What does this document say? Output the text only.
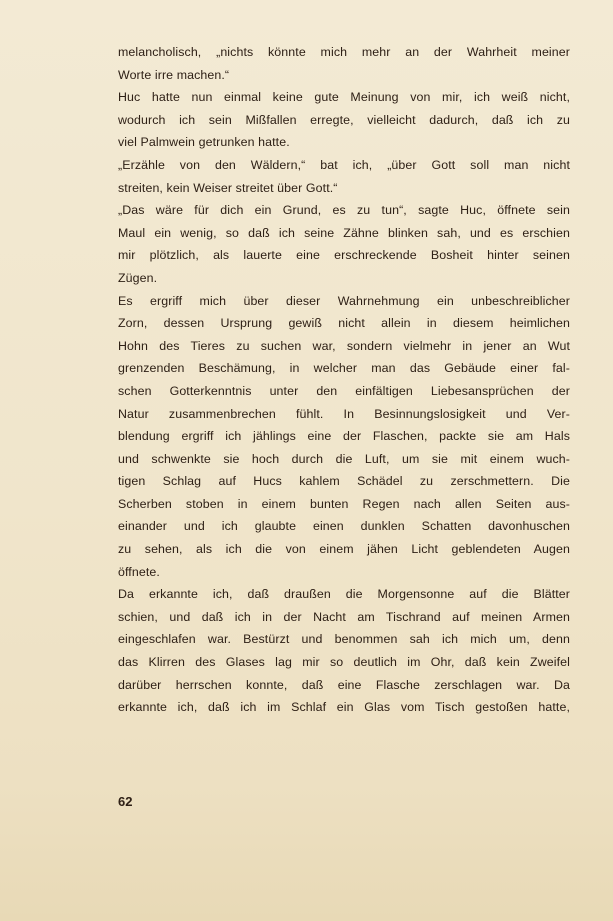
melancholisch, „nichts könnte mich mehr an der Wahrheit meiner
Worte irre machen.“
Huc hatte nun einmal keine gute Meinung von mir, ich weiß nicht,
wodurch ich sein Mißfallen erregte, vielleicht dadurch, daß ich zu
viel Palmwein getrunken hatte.
„Erzähle von den Wäldern,“ bat ich, „über Gott soll man nicht
streiten, kein Weiser streitet über Gott.“
„Das wäre für dich ein Grund, es zu tun“, sagte Huc, öffnete sein
Maul ein wenig, so daß ich seine Zähne blinken sah, und es erschien
mir plötzlich, als lauerte eine erschreckende Bosheit hinter seinen
Zügen.
Es ergriff mich über dieser Wahrnehmung ein unbeschreiblicher
Zorn, dessen Ursprung gewiß nicht allein in diesem heimlichen
Hohn des Tieres zu suchen war, sondern vielmehr in jener an Wut
grenzenden Beschämung, in welcher man das Gebäude einer fal-
schen Gotterkenntnis unter den einfältigen Liebesansprüchen der
Natur zusammenbrechen fühlt. In Besinnungslosigkeit und Ver-
blendung ergriff ich jählings eine der Flaschen, packte sie am Hals
und schwenkte sie hoch durch die Luft, um sie mit einem wuch-
tigen Schlag auf Hucs kahlem Schädel zu zerschmettern. Die
Scherben stoben in einem bunten Regen nach allen Seiten aus-
einander und ich glaubte einen dunklen Schatten davonhuschen
zu sehen, als ich die von einem jähen Licht geblendeten Augen
öffnete.
Da erkannte ich, daß draußen die Morgensonne auf die Blätter
schien, und daß ich in der Nacht am Tischrand auf meinen Armen
eingeschlafen war. Bestürzt und benommen sah ich mich um, denn
das Klirren des Glases lag mir so deutlich im Ohr, daß kein Zweifel
darüber herrschen konnte, daß eine Flasche zerschlagen war. Da
erkannte ich, daß ich im Schlaf ein Glas vom Tisch gestoßen hatte,
62
